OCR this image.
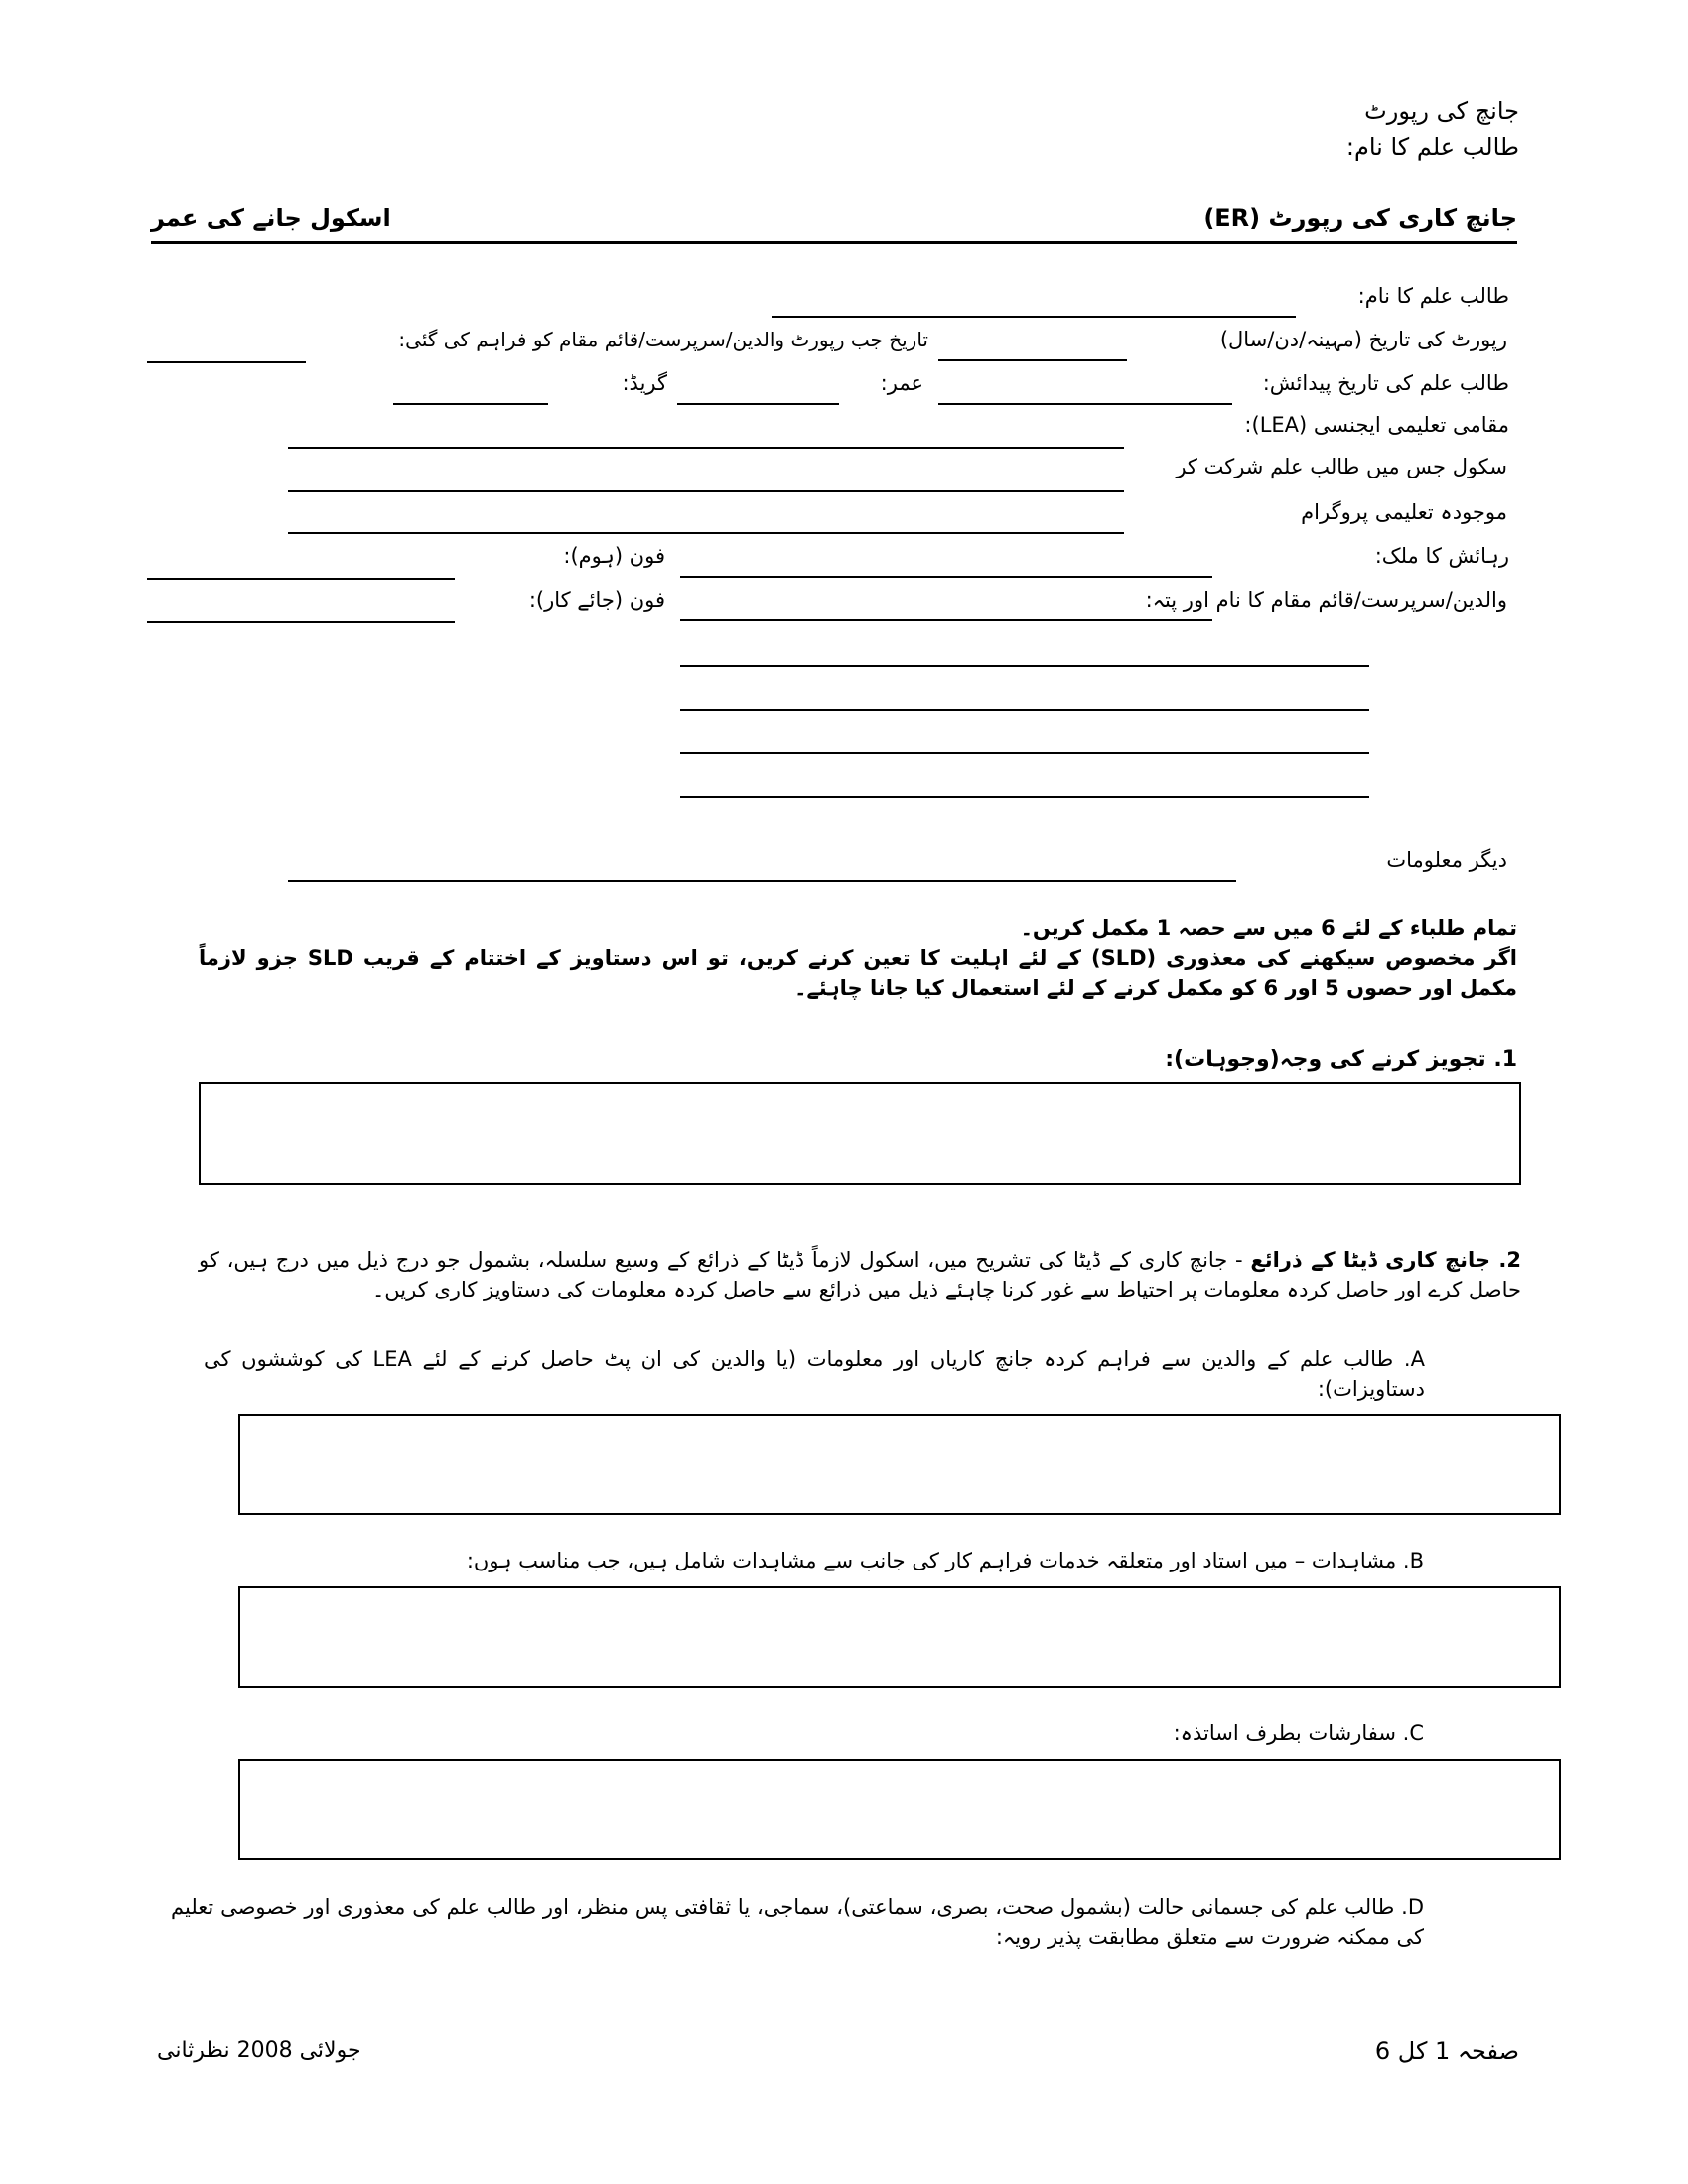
جانچ کی رپورٹ
طالب علم کا نام:
جانچ کاری کی رپورٹ (ER)
اسکول جانے کی عمر
طالب علم کا نام:
رپورٹ کی تاریخ (مہینہ/دن/سال)
تاریخ جب رپورٹ والدین/سرپرست/قائم مقام کو فراہم کی گئی:
طالب علم کی تاریخ پیدائش:
عمر:
گریڈ:
مقامی تعلیمی ایجنسی (LEA):
سکول جس میں طالب علم شرکت کر
موجودہ تعلیمی پروگرام
رہائش کا ملک:
فون (ہوم):
والدین/سرپرست/قائم مقام کا نام اور پتہ:
فون (جائے کار):
دیگر معلومات
تمام طلباء کے لئے 6 میں سے حصہ 1 مکمل کریں۔
اگر مخصوص سیکھنے کی معذوری (SLD) کے لئے اہلیت کا تعین کرنے کریں، تو اس دستاویز کے اختتام کے قریب SLD جزو لازماً مکمل اور حصوں 5 اور 6 کو مکمل کرنے کے لئے استعمال کیا جانا چاہئے۔
1. تجویز کرنے کی وجہ(وجوہات):
2. جانچ کاری ڈیٹا کے ذرائع - جانچ کاری کے ڈیٹا کی تشریح میں، اسکول لازماً ڈیٹا کے ذرائع کے وسیع سلسلہ، بشمول جو درج ذیل میں درج ہیں، کو حاصل کرے اور حاصل کردہ معلومات پر احتیاط سے غور کرنا چاہئے ذیل میں ذرائع سے حاصل کردہ معلومات کی دستاویز کاری کریں۔
A. طالب علم کے والدین سے فراہم کردہ جانچ کاریاں اور معلومات (یا والدین کی ان پٹ حاصل کرنے کے لئے LEA کی کوششوں کی دستاویزات):
B. مشاہدات – میں استاد اور متعلقہ خدمات فراہم کار کی جانب سے مشاہدات شامل ہیں، جب مناسب ہوں:
C. سفارشات بطرف اساتذہ:
D. طالب علم کی جسمانی حالت (بشمول صحت، بصری، سماعتی)، سماجی، یا ثقافتی پس منظر، اور طالب علم کی معذوری اور خصوصی تعلیم کی ممکنہ ضرورت سے متعلق مطابقت پذیر رویہ:
صفحہ 1 کل 6
جولائی 2008 نظرثانی
